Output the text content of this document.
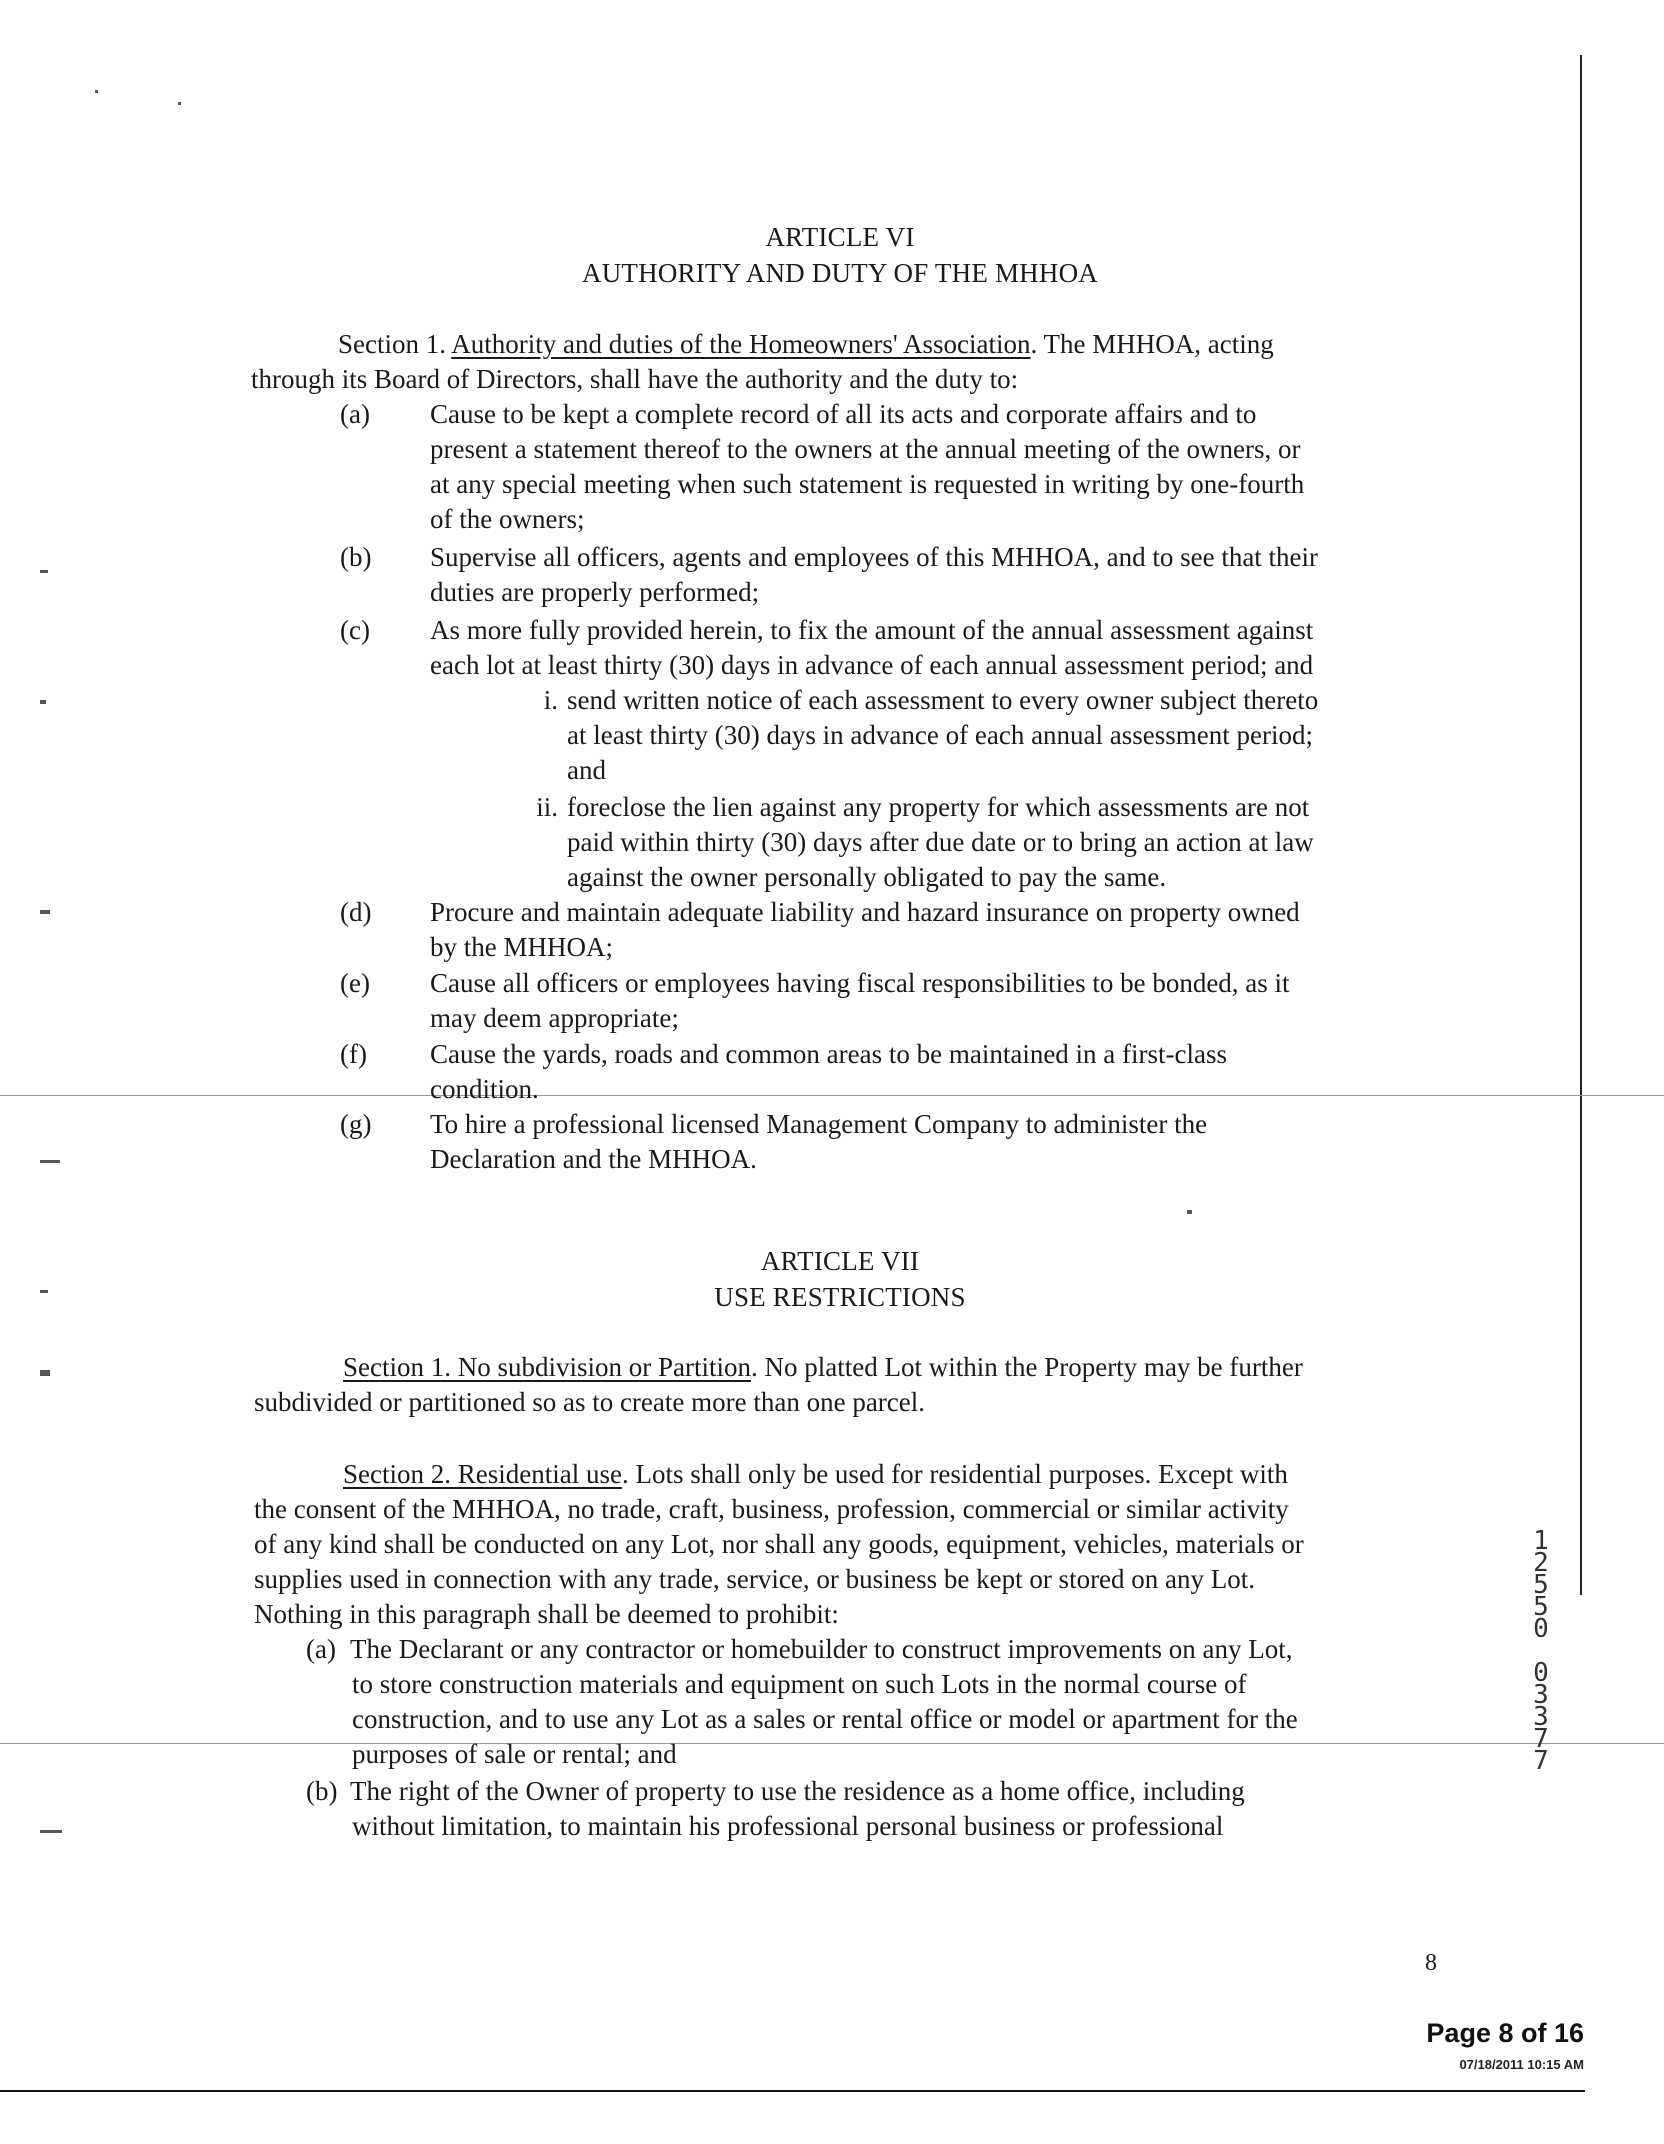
ARTICLE VI
AUTHORITY AND DUTY OF THE MHHOA
Section 1. Authority and duties of the Homeowners' Association. The MHHOA, acting
through its Board of Directors, shall have the authority and the duty to:
(a) Cause to be kept a complete record of all its acts and corporate affairs and to
present a statement thereof to the owners at the annual meeting of the owners, or
at any special meeting when such statement is requested in writing by one-fourth
of the owners;
(b) Supervise all officers, agents and employees of this MHHOA, and to see that their
duties are properly performed;
(c) As more fully provided herein, to fix the amount of the annual assessment against
each lot at least thirty (30) days in advance of each annual assessment period; and
i. send written notice of each assessment to every owner subject thereto
at least thirty (30) days in advance of each annual assessment period;
and
ii. foreclose the lien against any property for which assessments are not
paid within thirty (30) days after due date or to bring an action at law
against the owner personally obligated to pay the same.
(d) Procure and maintain adequate liability and hazard insurance on property owned
by the MHHOA;
(e) Cause all officers or employees having fiscal responsibilities to be bonded, as it
may deem appropriate;
(f) Cause the yards, roads and common areas to be maintained in a first-class
condition.
(g) To hire a professional licensed Management Company to administer the
Declaration and the MHHOA.
ARTICLE VII
USE RESTRICTIONS
Section 1. No subdivision or Partition. No platted Lot within the Property may be further
subdivided or partitioned so as to create more than one parcel.
Section 2. Residential use. Lots shall only be used for residential purposes. Except with
the consent of the MHHOA, no trade, craft, business, profession, commercial or similar activity
of any kind shall be conducted on any Lot, nor shall any goods, equipment, vehicles, materials or
supplies used in connection with any trade, service, or business be kept or stored on any Lot.
Nothing in this paragraph shall be deemed to prohibit:
(a) The Declarant or any contractor or homebuilder to construct improvements on any Lot,
to store construction materials and equipment on such Lots in the normal course of
construction, and to use any Lot as a sales or rental office or model or apartment for the
purposes of sale or rental; and
(b) The right of the Owner of property to use the residence as a home office, including
without limitation, to maintain his professional personal business or professional
1
2
5
5
0
0
3
3
7
7
8
Page 8 of 16
07/18/2011 10:15 AM
